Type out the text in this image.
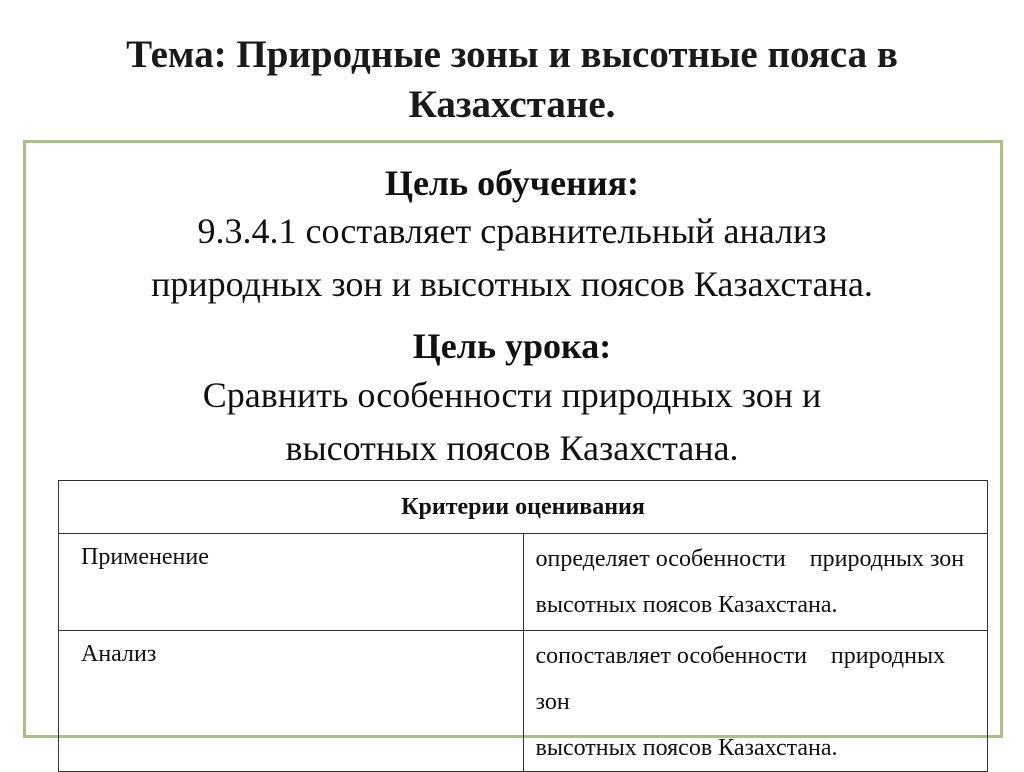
Тема: Природные зоны и высотные пояса в
Казахстане.
Цель обучения:
9.3.4.1 составляет сравнительный анализ
природных зон и высотных поясов Казахстана.
Цель урока:
Сравнить особенности природных зон и
высотных поясов Казахстана.
Критерии оценивания	
Применение	определяет особенности    природных зон
высотных поясов Казахстана.

Анализ	сопоставляет особенности    природных зон
высотных поясов Казахстана.
